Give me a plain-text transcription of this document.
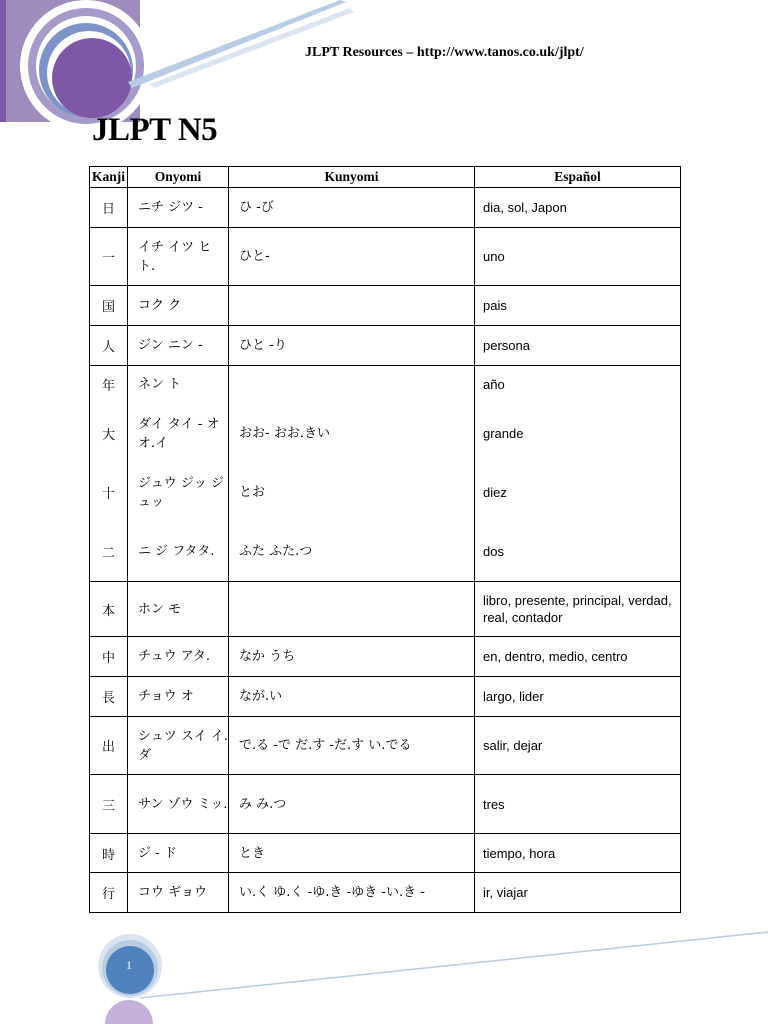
JLPT Resources – http://www.tanos.co.uk/jlpt/
JLPT N5
Kanji	Onyomi	Kunyomi	Español
日	ニチ ジツ -	ひ -び	dia, sol, Japon
一	イチ イツ ヒト.	ひと-	uno
国	コク ク		pais
人	ジン ニン -	ひと -り	persona
年	ネン ト		año
大	ダイ タイ - オオ.イ	おお- おお.きい	grande
十	ジュウ ジッ ジュッ	とお	diez
二	ニ ジ フタタ.	ふた ふた.つ	dos
本	ホン モ		libro, presente, principal, verdad, real, contador
中	チュウ アタ.	なか うち	en, dentro, medio, centro
長	チョウ オ	なが.い	largo, lider
出	シュツ スイ イ.ダ	で.る -で だ.す -だ.す い.でる	salir, dejar
三	サン ゾウ ミッ.	み み.つ	tres
時	ジ - ド	とき	tiempo, hora
行	コウ ギョウ	い.く ゆ.く -ゆ.き -ゆき -い.き -	ir, viajar
1
